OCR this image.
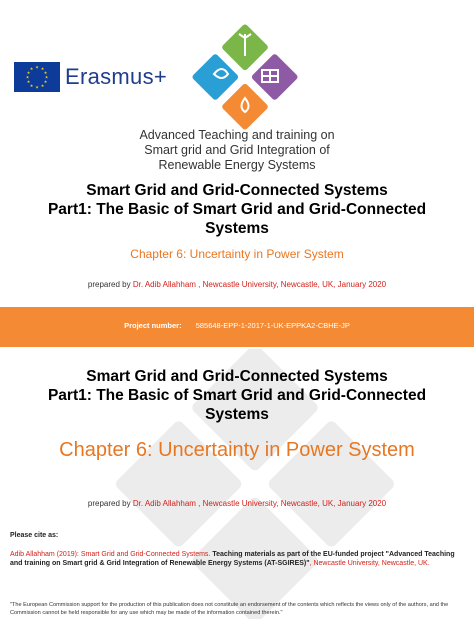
★ ★
★
★
★
★
★
★
★
★
★
★ Erasmus+
Advanced Teaching and training on
Smart grid and Grid Integration of
Renewable Energy Systems
Smart Grid and Grid-Connected Systems
Part1: The Basic of Smart Grid and Grid-Connected
Systems
Chapter 6: Uncertainty in Power System
prepared by Dr. Adib Allahham , Newcastle University, Newcastle, UK, January 2020
Project number: 585648-EPP-1-2017-1-UK-EPPKA2-CBHE-JP
Smart Grid and Grid-Connected Systems
Part1: The Basic of Smart Grid and Grid-Connected
Systems
Chapter 6: Uncertainty in Power System
prepared by Dr. Adib Allahham , Newcastle University, Newcastle, UK, January 2020
Please cite as:
Adib Allahham (2019): Smart Grid and Grid-Connected Systems. Teaching materials as part of the EU-funded project "Advanced Teaching and training on Smart grid & Grid Integration of Renewable Energy Systems (AT-SGIRES)", Newcastle University, Newcastle, UK.
"The European Commission support for the production of this publication does not constitute an endorsement of the contents which reflects the views only of the authors, and the Commission cannot be held responsible for any use which may be made of the information contained therein."
